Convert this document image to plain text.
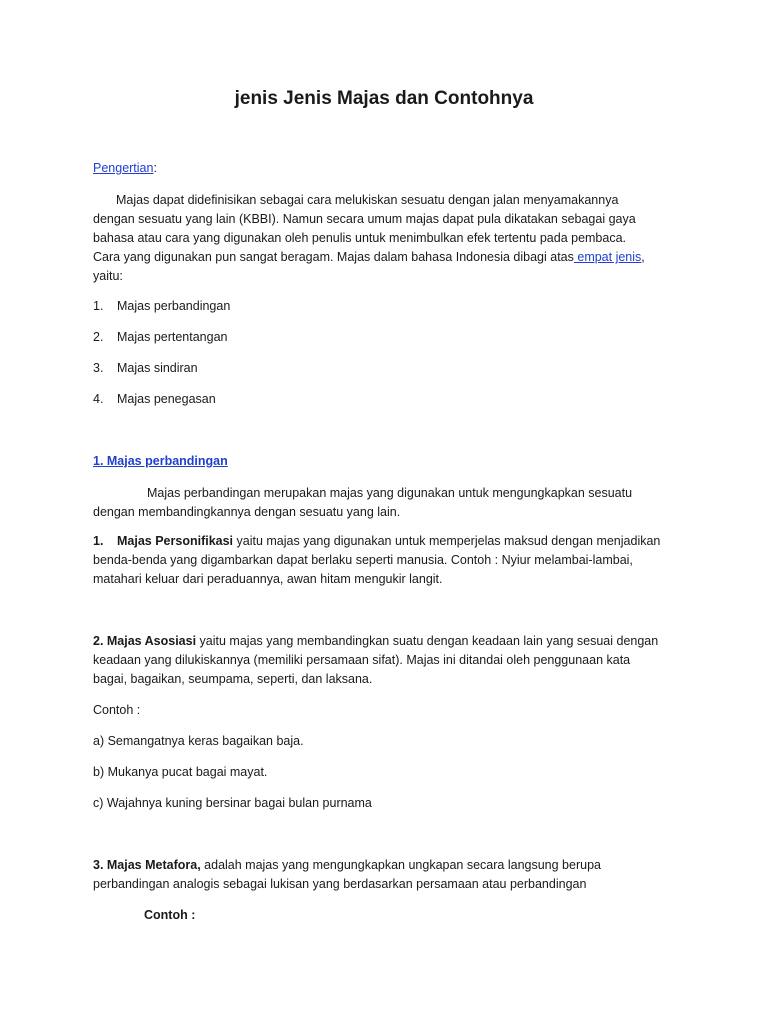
jenis Jenis Majas dan Contohnya

Pengertian:

Majas dapat didefinisikan sebagai cara melukiskan sesuatu dengan jalan menyamakannya
dengan sesuatu yang lain (KBBI). Namun secara umum majas dapat pula dikatakan sebagai gaya
bahasa atau cara yang digunakan oleh penulis untuk menimbulkan efek tertentu pada pembaca.
Cara yang digunakan pun sangat beragam. Majas dalam bahasa Indonesia dibagi atas empat jenis,
yaitu:

1. Majas perbandingan

2. Majas pertentangan

3. Majas sindiran

4. Majas penegasan

1. Majas perbandingan

Majas perbandingan merupakan majas yang digunakan untuk mengungkapkan sesuatu
dengan membandingkannya dengan sesuatu yang lain.

1. Majas Personifikasi yaitu majas yang digunakan untuk memperjelas maksud dengan menjadikan
benda-benda yang digambarkan dapat berlaku seperti manusia. Contoh : Nyiur melambai-lambai,
matahari keluar dari peraduannya, awan hitam mengukir langit.

2. Majas Asosiasi yaitu majas yang membandingkan suatu dengan keadaan lain yang sesuai dengan
keadaan yang dilukiskannya (memiliki persamaan sifat). Majas ini ditandai oleh penggunaan kata
bagai, bagaikan, seumpama, seperti, dan laksana.

Contoh :

a) Semangatnya keras bagaikan baja.

b) Mukanya pucat bagai mayat.

c) Wajahnya kuning bersinar bagai bulan purnama

3. Majas Metafora, adalah majas yang mengungkapkan ungkapan secara langsung berupa
perbandingan analogis sebagai lukisan yang berdasarkan persamaan atau perbandingan

Contoh :
